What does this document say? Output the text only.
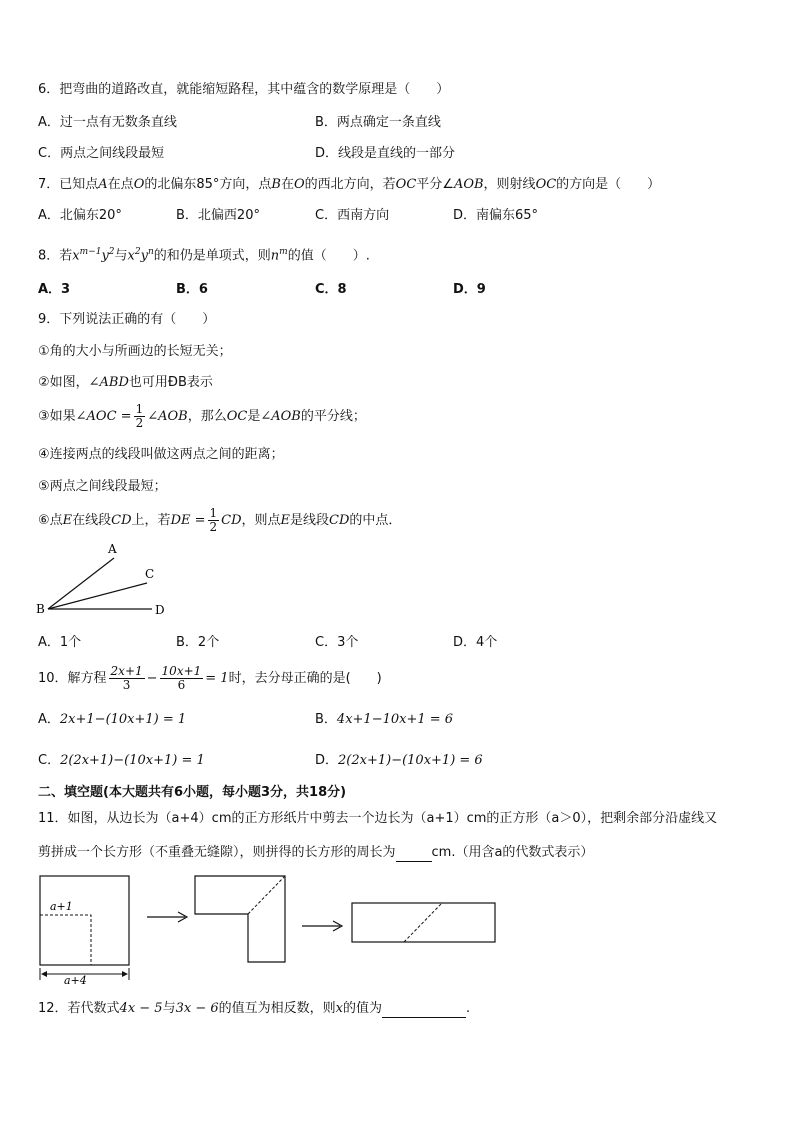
6．把弯曲的道路改直，就能缩短路程，其中蕴含的数学原理是（　　）
A．过一点有无数条直线	B．两点确定一条直线
C．两点之间线段最短	D．线段是直线的一部分
7．已知点A在点O的北偏东85°方向，点B在O的西北方向，若OC平分∠AOB，则射线OC的方向是（　　）
A．北偏东20°	B．北偏西20°	C．西南方向	D．南偏东65°
8．若$x^{m-1}y^2$与$x^2y^n$的和仍是单项式，则$n^m$的值（　　）.
A．3	B．6	C．8	D．9
9．下列说法正确的有（　　）
①角的大小与所画边的长短无关；
②如图，∠ABD也可用ÐB表示
③如果∠AOC = $\frac{1}{2}$ ∠AOB，那么OC是∠AOB的平分线；
④连接两点的线段叫做这两点之间的距离；
⑤两点之间线段最短；
⑥点E在线段CD上，若DE = $\frac{1}{2}$ CD，则点E是线段CD的中点．
A
C
B	D
A．1个	B．2个	C．3个	D．4个
10．解方程 $\frac{2x+1}{3} - \frac{10x+1}{6} = 1$时，去分母正确的是(　　)
A．2x+1−(10x+1) = 1	B．4x+1−10x+1 = 6
C．2(2x+1)−(10x+1) = 1	D．2(2x+1)−(10x+1) = 6
二、填空题(本大题共有6小题，每小题3分，共18分)
11．如图，从边长为（a+4）cm的正方形纸片中剪去一个边长为（a+1）cm的正方形（a＞0），把剩余部分沿虚线又
剪拼成一个长方形（不重叠无缝隙），则拼得的长方形的周长为	cm.（用含a的代数式表示）
a+1
a+4
12．若代数式4x − 5与3x − 6的值互为相反数，则x的值为	.
